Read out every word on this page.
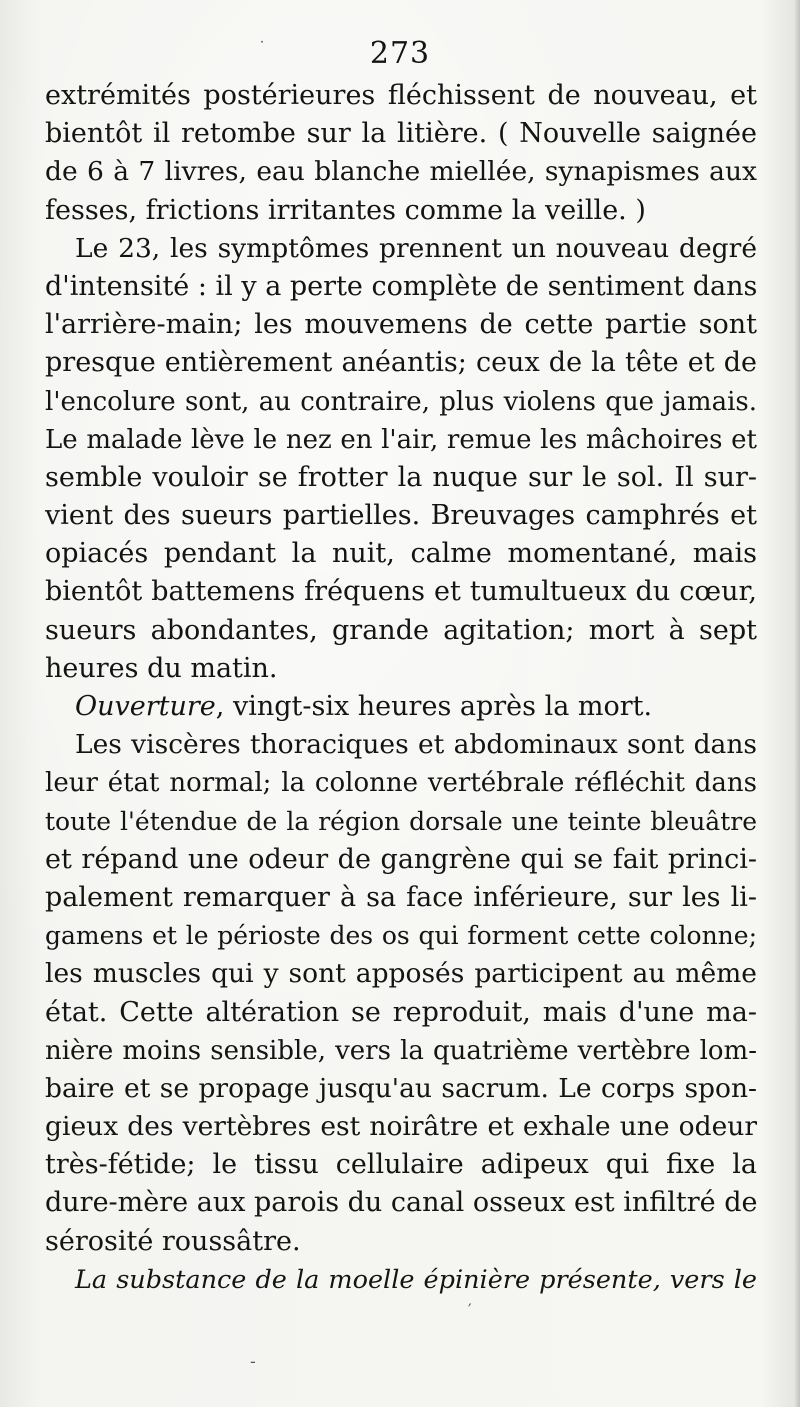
273
extrémités postérieures fléchissent de nouveau, et
bientôt il retombe sur la litière. ( Nouvelle saignée
de 6 à 7 livres, eau blanche miellée, synapismes aux
fesses, frictions irritantes comme la veille. )
Le 23, les symptômes prennent un nouveau degré
d'intensité : il y a perte complète de sentiment dans
l'arrière-main; les mouvemens de cette partie sont
presque entièrement anéantis; ceux de la tête et de
l'encolure sont, au contraire, plus violens que jamais.
Le malade lève le nez en l'air, remue les mâchoires et
semble vouloir se frotter la nuque sur le sol. Il sur-
vient des sueurs partielles. Breuvages camphrés et
opiacés pendant la nuit, calme momentané, mais
bientôt battemens fréquens et tumultueux du cœur,
sueurs abondantes, grande agitation; mort à sept
heures du matin.
Ouverture, vingt-six heures après la mort.
Les viscères thoraciques et abdominaux sont dans
leur état normal; la colonne vertébrale réfléchit dans
toute l'étendue de la région dorsale une teinte bleuâtre
et répand une odeur de gangrène qui se fait princi-
palement remarquer à sa face inférieure, sur les li-
gamens et le périoste des os qui forment cette colonne;
les muscles qui y sont apposés participent au même
état. Cette altération se reproduit, mais d'une ma-
nière moins sensible, vers la quatrième vertèbre lom-
baire et se propage jusqu'au sacrum. Le corps spon-
gieux des vertèbres est noirâtre et exhale une odeur
très-fétide; le tissu cellulaire adipeux qui fixe la
dure-mère aux parois du canal osseux est infiltré de
sérosité roussâtre.
La substance de la moelle épinière présente, vers le
˙
′
‐
